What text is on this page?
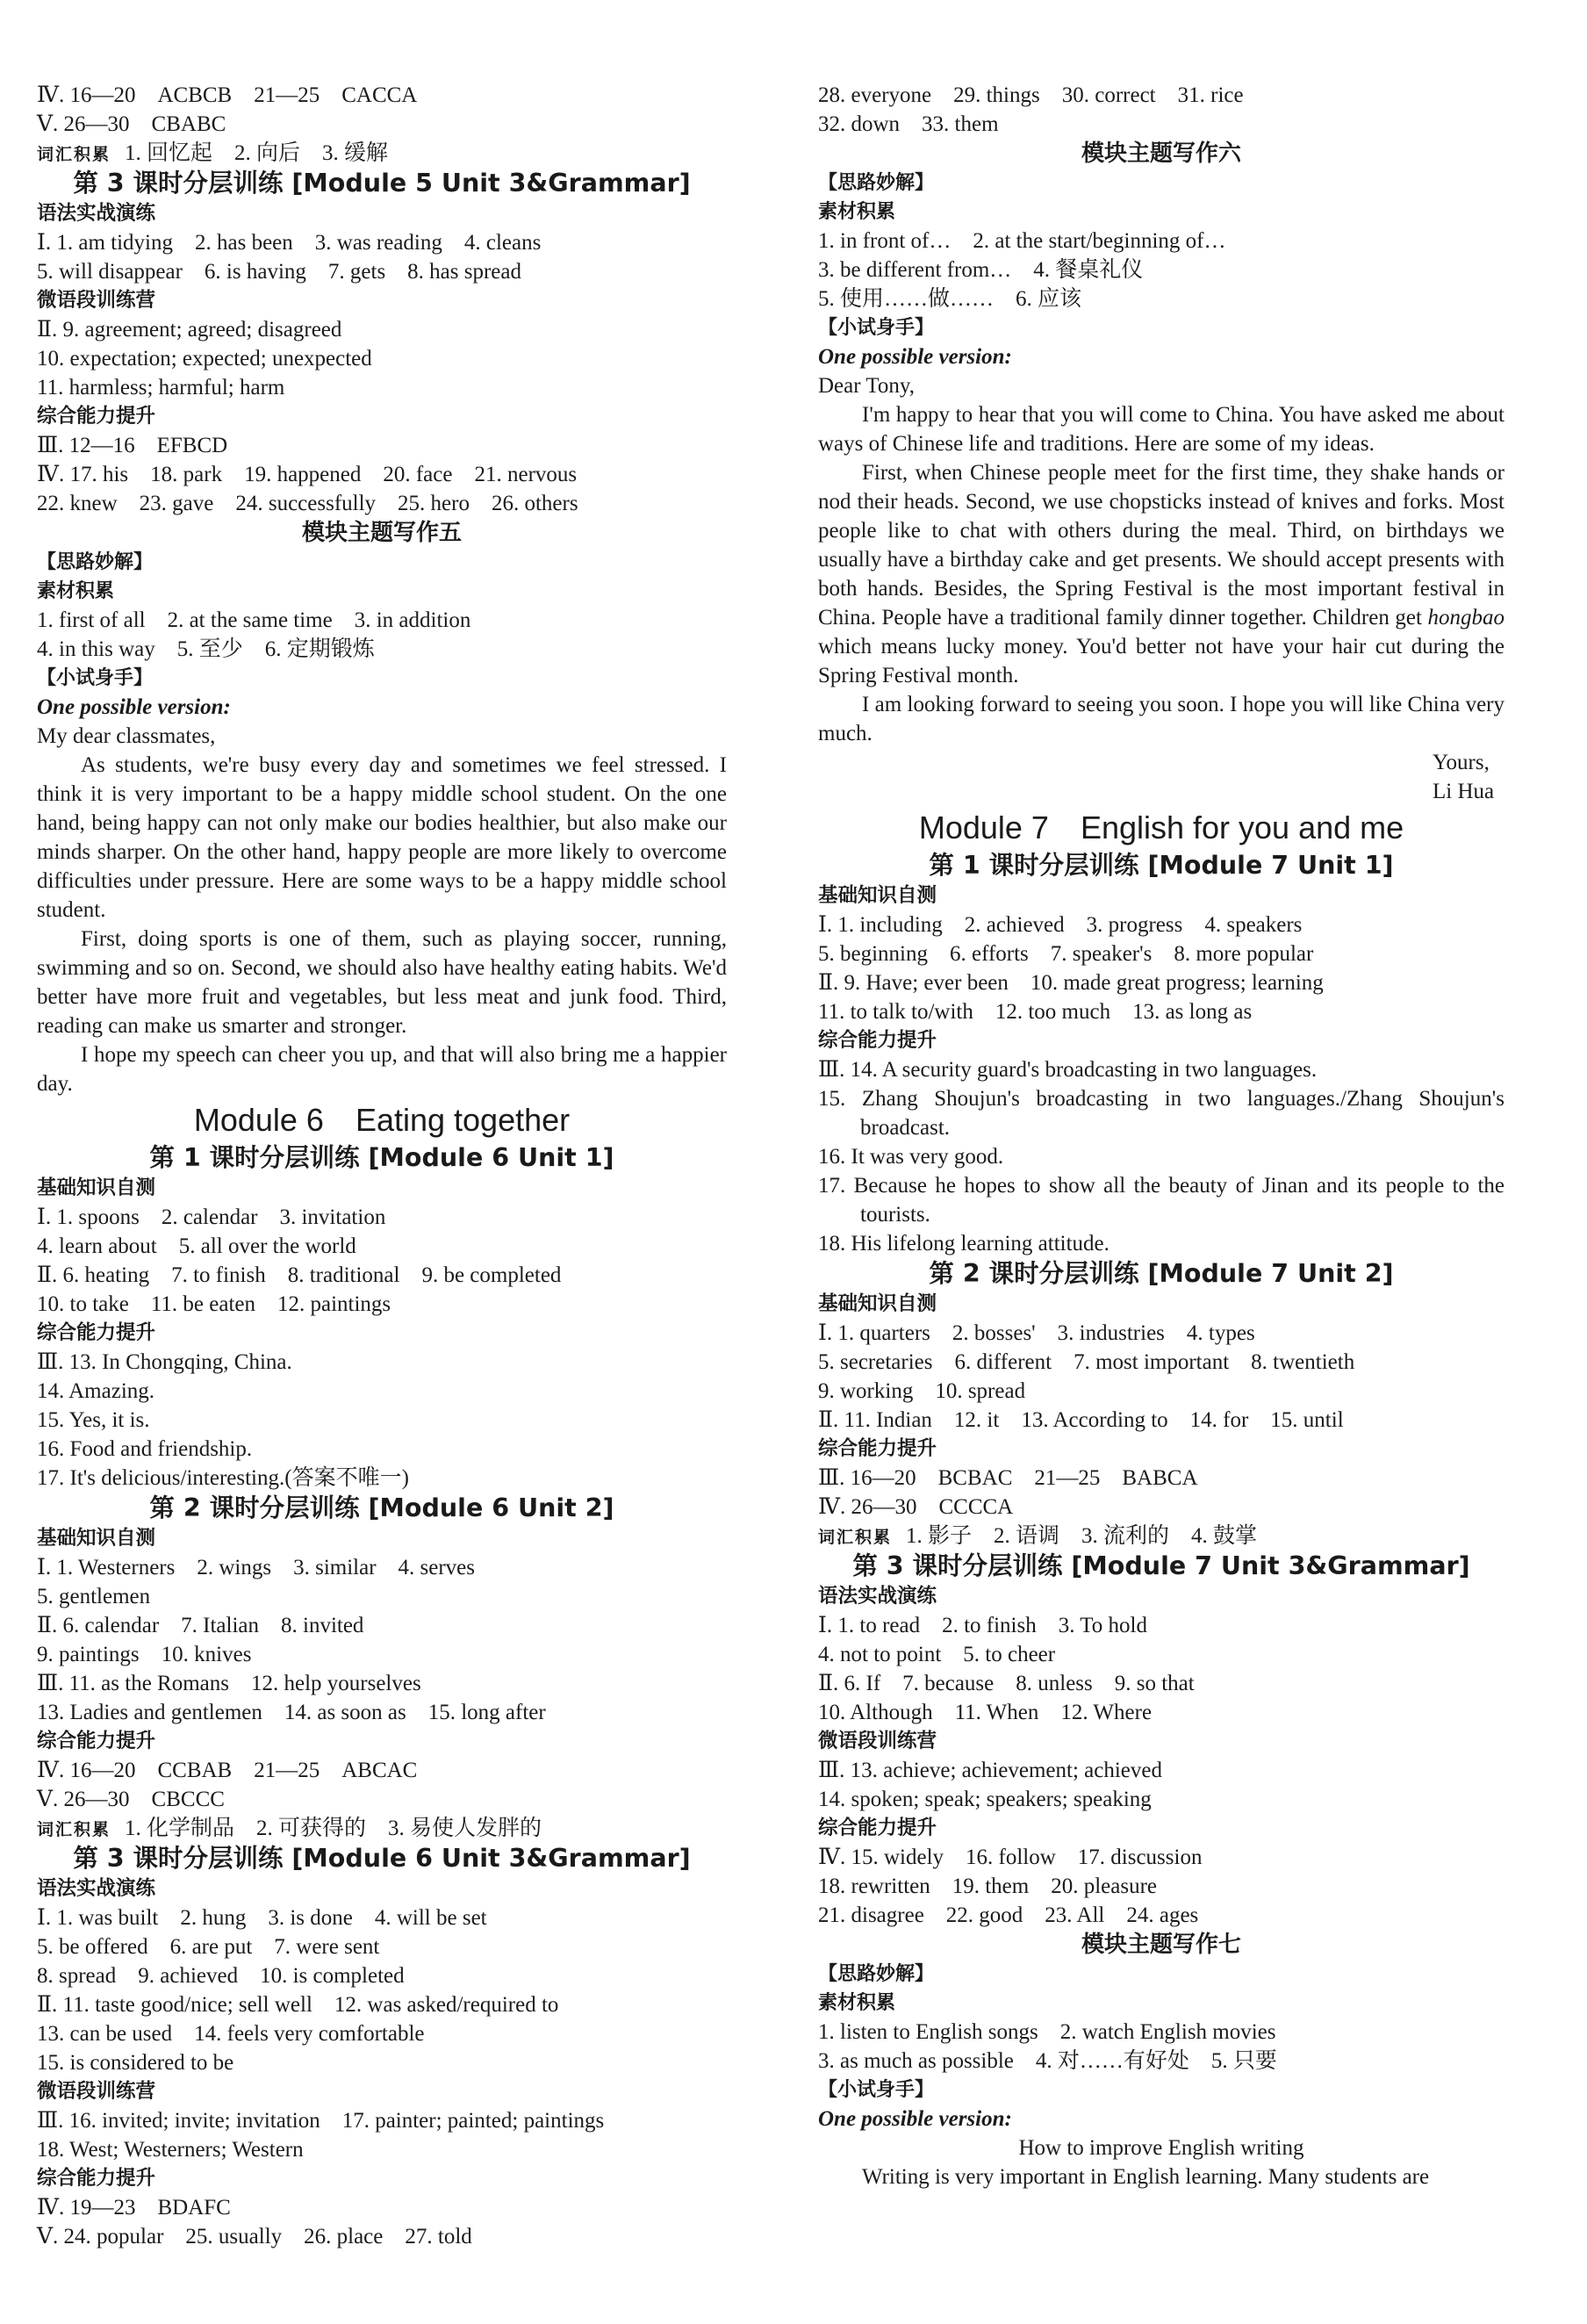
Ⅳ. 16—20　ACBCB　21—25　CACCA
Ⅴ. 26—30　CBABC
词汇积累 1. 回忆起　2. 向后　3. 缓解
第 3 课时分层训练 [Module 5 Unit 3&Grammar]
语法实战演练
Ⅰ. 1. am tidying　2. has been　3. was reading　4. cleans
5. will disappear　6. is having　7. gets　8. has spread
微语段训练营
Ⅱ. 9. agreement; agreed; disagreed
10. expectation; expected; unexpected
11. harmless; harmful; harm
综合能力提升
Ⅲ. 12—16　EFBCD
Ⅳ. 17. his　18. park　19. happened　20. face　21. nervous
22. knew　23. gave　24. successfully　25. hero　26. others
模块主题写作五
【思路妙解】
素材积累
1. first of all　2. at the same time　3. in addition
4. in this way　5. 至少　6. 定期锻炼
【小试身手】
One possible version:
My dear classmates,

As students, we're busy every day and sometimes we feel stressed. I think it is very important to be a happy middle school student. On the one hand, being happy can not only make our bodies healthier, but also make our minds sharper. On the other hand, happy people are more likely to overcome difficulties under pressure. Here are some ways to be a happy middle school student.

First, doing sports is one of them, such as playing soccer, running, swimming and so on. Second, we should also have healthy eating habits. We'd better have more fruit and vegetables, but less meat and junk food. Third, reading can make us smarter and stronger.

I hope my speech can cheer you up, and that will also bring me a happier day.

Module 6　Eating together
第 1 课时分层训练 [Module 6 Unit 1]
基础知识自测
Ⅰ. 1. spoons　2. calendar　3. invitation
4. learn about　5. all over the world
Ⅱ. 6. heating　7. to finish　8. traditional　9. be completed
10. to take　11. be eaten　12. paintings
综合能力提升
Ⅲ. 13. In Chongqing, China.
14. Amazing.
15. Yes, it is.
16. Food and friendship.
17. It's delicious/interesting.(答案不唯一)
第 2 课时分层训练 [Module 6 Unit 2]
基础知识自测
Ⅰ. 1. Westerners　2. wings　3. similar　4. serves
5. gentlemen
Ⅱ. 6. calendar　7. Italian　8. invited
9. paintings　10. knives
Ⅲ. 11. as the Romans　12. help yourselves
13. Ladies and gentlemen　14. as soon as　15. long after
综合能力提升
Ⅳ. 16—20　CCBAB　21—25　ABCAC
Ⅴ. 26—30　CBCCC
词汇积累 1. 化学制品　2. 可获得的　3. 易使人发胖的
第 3 课时分层训练 [Module 6 Unit 3&Grammar]
语法实战演练
Ⅰ. 1. was built　2. hung　3. is done　4. will be set
5. be offered　6. are put　7. were sent
8. spread　9. achieved　10. is completed
Ⅱ. 11. taste good/nice; sell well　12. was asked/required to
13. can be used　14. feels very comfortable
15. is considered to be
微语段训练营
Ⅲ. 16. invited; invite; invitation　17. painter; painted; paintings
18. West; Westerners; Western
综合能力提升
Ⅳ. 19—23　BDAFC
Ⅴ. 24. popular　25. usually　26. place　27. told
28. everyone　29. things　30. correct　31. rice
32. down　33. them
模块主题写作六
【思路妙解】
素材积累
1. in front of…　2. at the start/beginning of…
3. be different from…　4. 餐桌礼仪
5. 使用……做……　6. 应该
【小试身手】
One possible version:
Dear Tony,

I'm happy to hear that you will come to China. You have asked me about ways of Chinese life and traditions. Here are some of my ideas.

First, when Chinese people meet for the first time, they shake hands or nod their heads. Second, we use chopsticks instead of knives and forks. Most people like to chat with others during the meal. Third, on birthdays we usually have a birthday cake and get presents. We should accept presents with both hands. Besides, the Spring Festival is the most important festival in China. People have a traditional family dinner together. Children get hongbao which means lucky money. You'd better not have your hair cut during the Spring Festival month.

I am looking forward to seeing you soon. I hope you will like China very much.

Yours,
Li Hua
Module 7　English for you and me
第 1 课时分层训练 [Module 7 Unit 1]
基础知识自测
Ⅰ. 1. including　2. achieved　3. progress　4. speakers
5. beginning　6. efforts　7. speaker's　8. more popular
Ⅱ. 9. Have; ever been　10. made great progress; learning
11. to talk to/with　12. too much　13. as long as
综合能力提升
Ⅲ. 14. A security guard's broadcasting in two languages.
15. Zhang Shoujun's broadcasting in two languages./Zhang Shoujun's broadcast.
16. It was very good.
17. Because he hopes to show all the beauty of Jinan and its people to the tourists.
18. His lifelong learning attitude.
第 2 课时分层训练 [Module 7 Unit 2]
基础知识自测
Ⅰ. 1. quarters　2. bosses'　3. industries　4. types
5. secretaries　6. different　7. most important　8. twentieth
9. working　10. spread
Ⅱ. 11. Indian　12. it　13. According to　14. for　15. until
综合能力提升
Ⅲ. 16—20　BCBAC　21—25　BABCA
Ⅳ. 26—30　CCCCA
词汇积累 1. 影子　2. 语调　3. 流利的　4. 鼓掌
第 3 课时分层训练 [Module 7 Unit 3&Grammar]
语法实战演练
Ⅰ. 1. to read　2. to finish　3. To hold
4. not to point　5. to cheer
Ⅱ. 6. If　7. because　8. unless　9. so that
10. Although　11. When　12. Where
微语段训练营
Ⅲ. 13. achieve; achievement; achieved
14. spoken; speak; speakers; speaking
综合能力提升
Ⅳ. 15. widely　16. follow　17. discussion
18. rewritten　19. them　20. pleasure
21. disagree　22. good　23. All　24. ages
模块主题写作七
【思路妙解】
素材积累
1. listen to English songs　2. watch English movies
3. as much as possible　4. 对……有好处　5. 只要
【小试身手】
One possible version:
How to improve English writing

Writing is very important in English learning. Many students are
